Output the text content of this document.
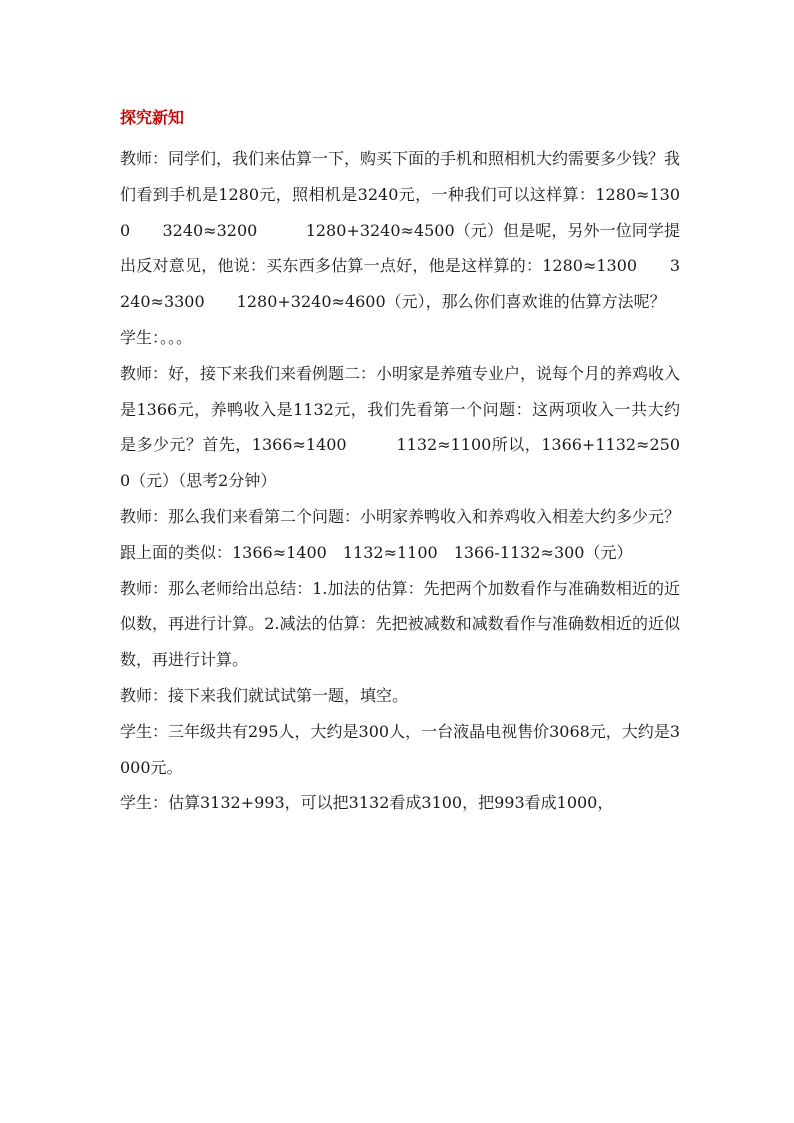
探究新知

教师：同学们，我们来估算一下，购买下面的手机和照相机大约需要多少钱？我们看到手机是1280元，照相机是3240元，一种我们可以这样算：1280≈1300　　3240≈3200　　　1280+3240≈4500（元）但是呢，另外一位同学提出反对意见，他说：买东西多估算一点好，他是这样算的：1280≈1300　　3240≈3300　　1280+3240≈4600（元），那么你们喜欢谁的估算方法呢？

学生：。。。

教师：好，接下来我们来看例题二：小明家是养殖专业户，说每个月的养鸡收入是1366元，养鸭收入是1132元，我们先看第一个问题：这两项收入一共大约是多少元？首先，1366≈1400　　　1132≈1100所以，1366+1132≈2500（元）（思考2分钟）

教师：那么我们来看第二个问题：小明家养鸭收入和养鸡收入相差大约多少元？跟上面的类似：1366≈1400　1132≈1100　1366-1132≈300（元）

教师：那么老师给出总结：1.加法的估算：先把两个加数看作与准确数相近的近似数，再进行计算。2.减法的估算：先把被减数和减数看作与准确数相近的近似数，再进行计算。

教师：接下来我们就试试第一题，填空。

学生：三年级共有295人，大约是300人，一台液晶电视售价3068元，大约是3000元。

学生：估算3132+993，可以把3132看成3100，把993看成1000，
